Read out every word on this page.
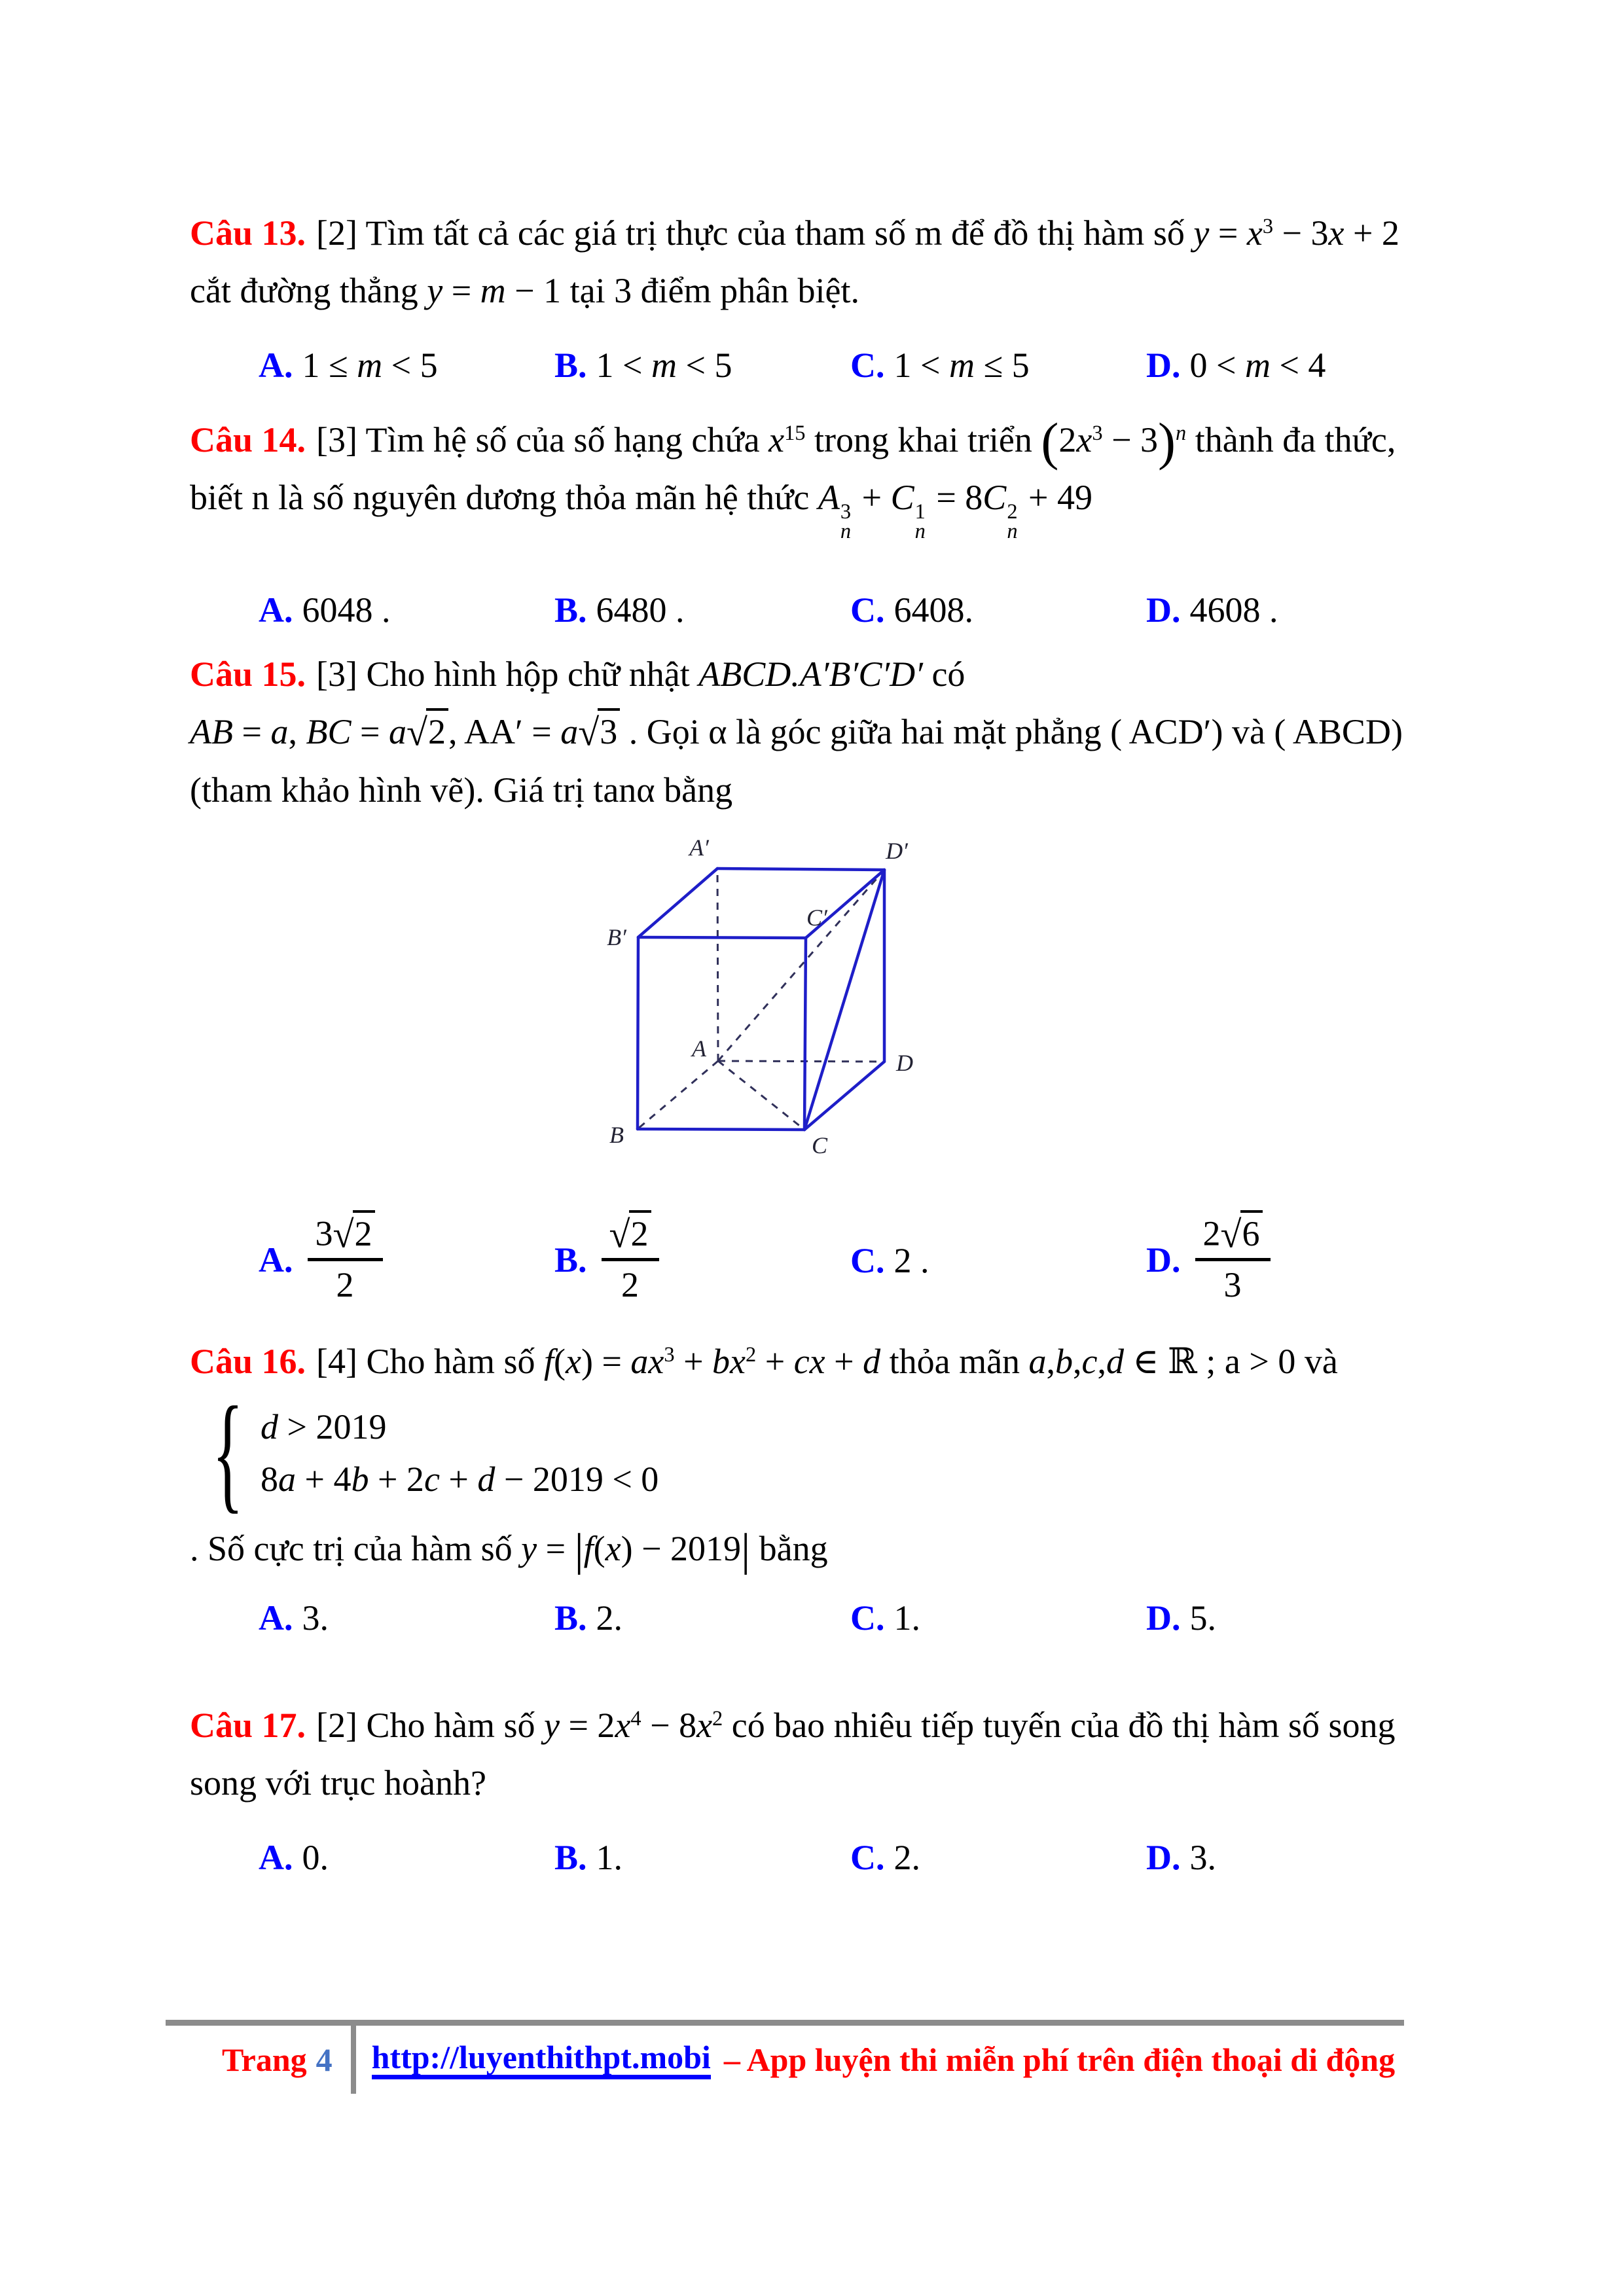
Câu 13. [2] Tìm tất cả các giá trị thực của tham số m để đồ thị hàm số $y = x^3 - 3x + 2$
cắt đường thẳng y = m − 1 tại 3 điểm phân biệt.

A. 1 ≤ m < 5	B. 1 < m < 5	C. 1 < m ≤ 5	D. 0 < m < 4

Câu 14. [3] Tìm hệ số của số hạng chứa $x^{15}$ trong khai triển $(2x^3 - 3)^n$ thành đa thức,
biết n là số nguyên dương thỏa mãn hệ thức A 3
n
+ C 1
n
= 8C 2
n
+ 49

A. 6048 .	B. 6480 .	C. 6408.	D. 4608 .

Câu 15. [3] Cho hình hộp chữ nhật ABCD.A′B′C′D′ có
AB = a, BC = a√2, AA′ = a√3 . Gọi α là góc giữa hai mặt phẳng ( ACD′) và ( ABCD)
(tham khảo hình vẽ). Giá trị tanα bằng

A′	D′
B′
C′
A
D
B	C
A. $\frac{3√2}{2}$	B. $\frac{√2}{2}$	C. 2 .	D. $\frac{2√6}{3}$

Câu 16. [4] Cho hàm số $f(x) = ax^3 + bx^2$ + cx + d thỏa mãn a,b,c,d ∈ ℝ ; a > 0 và

{ d > 2019
8a + 4b + 2c + d − 2019 < 0

. Số cực trị của hàm số y = |f(x) − 2019| bằng

A. 3.	B. 2.	C. 1.	D. 5.

Câu 17. [2] Cho hàm số $y = 2x^4 - 8x^2$ có bao nhiêu tiếp tuyến của đồ thị hàm số song
song với trục hoành?

A. 0.	B. 1.	C. 2.	D. 3.
Trang 4 http://luyenthithpt.mobi – App luyện thi miễn phí trên điện thoại di động
